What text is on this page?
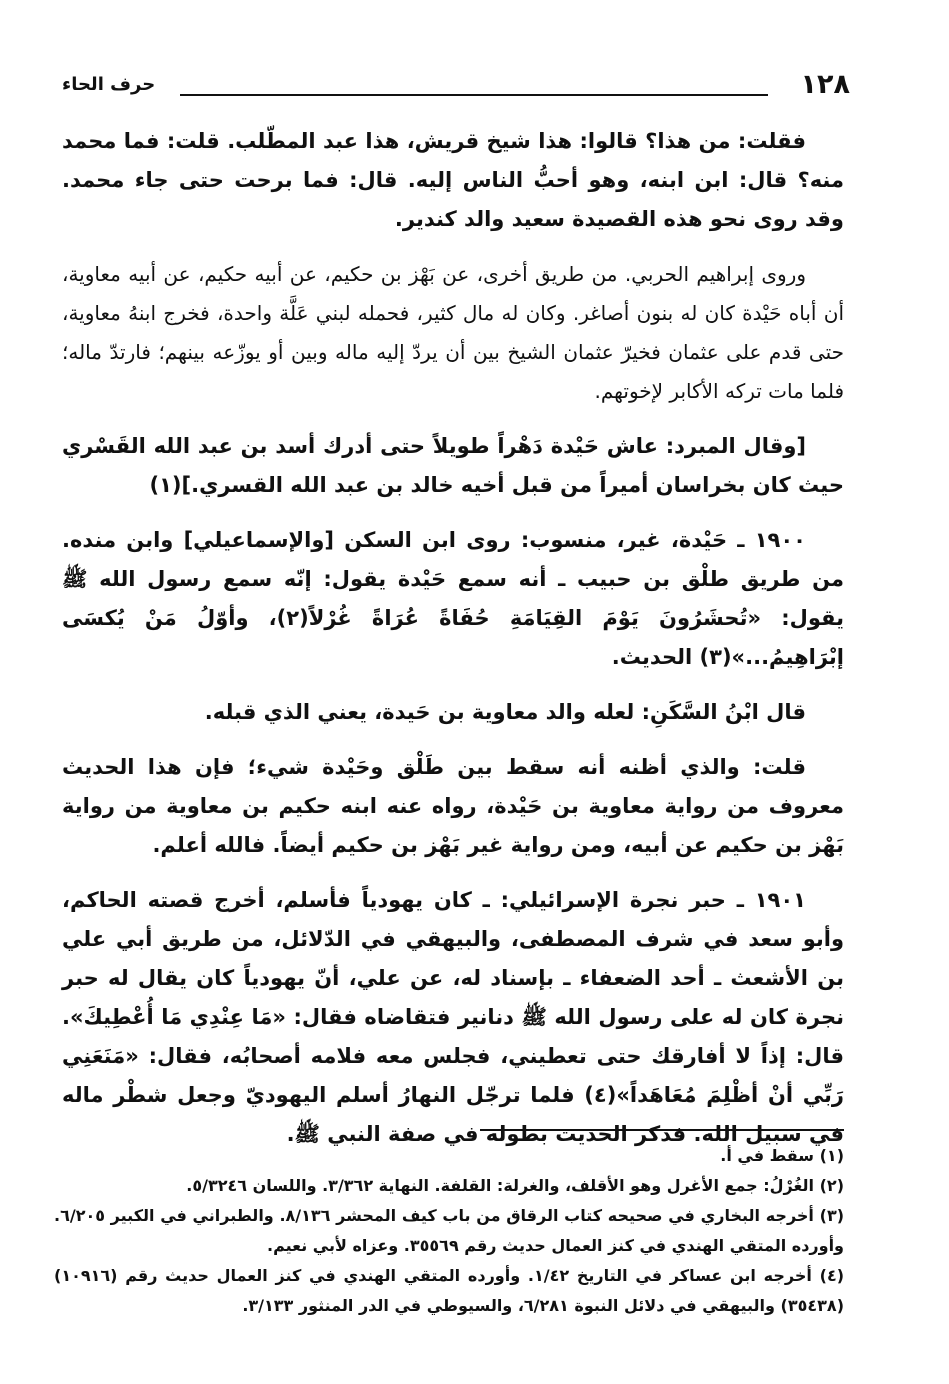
١٢٨
حرف الحاء

فقلت: من هذا؟ قالوا: هذا شيخ قريش، هذا عبد المطّلب. قلت: فما محمد منه؟ قال: ابن ابنه، وهو أحبُّ الناس إليه. قال: فما برحت حتى جاء محمد. وقد روى نحو هذه القصيدة سعيد والد كندير.

وروى إبراهيم الحربي. من طريق أخرى، عن بَهْز بن حكيم، عن أبيه حكيم، عن أبيه معاوية، أن أباه حَيْدة كان له بنون أصاغر. وكان له مال كثير، فحمله لبني عَلَّة واحدة، فخرج ابنهُ معاوية، حتى قدم على عثمان فخيرّ عثمان الشيخ بين أن يردّ إليه ماله وبين أو يوزّعه بينهم؛ فارتدّ ماله؛ فلما مات تركه الأكابر لإخوتهم.

[وقال المبرد: عاش حَيْدة دَهْراً طويلاً حتى أدرك أسد بن عبد الله القَسْري حيث كان بخراسان أميراً من قبل أخيه خالد بن عبد الله القسري.](١)

١٩٠٠ ـ حَيْدة، غير، منسوب: روى ابن السكن [والإسماعيلي] وابن منده. من طريق طلْق بن حبيب ـ أنه سمع حَيْدة يقول: إنّه سمع رسول الله ﷺ يقول: «تُحشَرُونَ يَوْمَ القِيَامَةِ حُفَاةً عُرَاةً غُرْلاً(٢)، وأوّلُ مَنْ يُكسَى إبْرَاهِيمُ...»(٣) الحديث.

قال ابْنُ السَّكَنِ: لعله والد معاوية بن حَيدة، يعني الذي قبله.

قلت: والذي أظنه أنه سقط بين طَلْق وحَيْدة شيء؛ فإن هذا الحديث معروف من رواية معاوية بن حَيْدة، رواه عنه ابنه حكيم بن معاوية من رواية بَهْز بن حكيم عن أبيه، ومن رواية غير بَهْز بن حكيم أيضاً. فالله أعلم.

١٩٠١ ـ حبر نجرة الإسرائيلي: ـ كان يهودياً فأسلم، أخرج قصته الحاكم، وأبو سعد في شرف المصطفى، والبيهقي في الدّلائل، من طريق أبي علي بن الأشعث ـ أحد الضعفاء ـ بإسناد له، عن علي، أنّ يهودياً كان يقال له حبر نجرة كان له على رسول الله ﷺ دنانير فتقاضاه فقال: «مَا عِنْدِي مَا أُعْطِيكَ». قال: إذاً لا أفارقك حتى تعطيني، فجلس معه فلامه أصحابُه، فقال: «مَنَعَنِي رَبِّي أنْ أظْلِمَ مُعَاهَداً»(٤) فلما ترجّل النهارُ أسلم اليهوديّ وجعل شطْر ماله في سبيل الله. فذكر الحديث بطوله في صفة النبي ﷺ.

(١) سقط في أ.

(٢) الغُرْلُ: جمع الأغرل وهو الأقلف، والغرلة: القلفة. النهاية ٣/٣٦٢. واللسان ٥/٣٢٤٦.

(٣) أخرجه البخاري في صحيحه كتاب الرقاق من باب كيف المحشر ٨/١٣٦. والطبراني في الكبير ٦/٢٠٥. وأورده المتقي الهندي في كنز العمال حديث رقم ٣٥٥٦٩. وعزاه لأبي نعيم.

(٤) أخرجه ابن عساكر في التاريخ ١/٤٢. وأورده المتقي الهندي في كنز العمال حديث رقم (١٠٩١٦) (٣٥٤٣٨) والبيهقي في دلائل النبوة ٦/٢٨١، والسيوطي في الدر المنثور ٣/١٣٣.
